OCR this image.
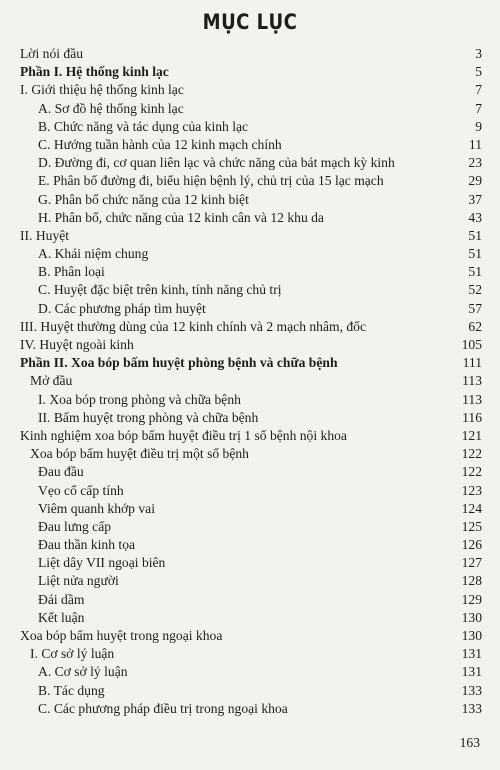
MỤC LỤC
Lời nói đầu	3
Phần I. Hệ thống kinh lạc	5
I. Giới thiệu hệ thống kinh lạc	7
A. Sơ đồ hệ thống kinh lạc	7
B. Chức năng và tác dụng của kinh lạc	9
C. Hướng tuần hành của 12 kinh mạch chính	11
D. Đường đi, cơ quan liên lạc và chức năng của bát mạch kỳ kinh	23
E. Phân bố đường đi, biểu hiện bệnh lý, chủ trị của 15 lạc mạch	29
G. Phân bố chức năng của 12 kinh biệt	37
H. Phân bố, chức năng của 12 kinh cân và 12 khu da	43
II. Huyệt	51
A. Khái niệm chung	51
B. Phân loại	51
C. Huyệt đặc biệt trên kinh, tính năng chủ trị	52
D. Các phương pháp tìm huyệt	57
III. Huyệt thường dùng của 12 kinh chính và 2 mạch nhâm, đốc	62
IV. Huyệt ngoài kinh	105
Phần II. Xoa bóp bấm huyệt phòng bệnh và chữa bệnh	111
Mở đầu	113
I. Xoa bóp trong phòng và chữa bệnh	113
II. Bấm huyệt trong phòng và chữa bệnh	116
Kinh nghiệm xoa bóp bấm huyệt điều trị 1 số bệnh nội khoa	121
Xoa bóp bấm huyệt điều trị một số bệnh	122
Đau đầu	122
Vẹo cổ cấp tính	123
Viêm quanh khớp vai	124
Đau lưng cấp	125
Đau thần kinh tọa	126
Liệt dây VII ngoại biên	127
Liệt nửa người	128
Đái dầm	129
Kết luận	130
Xoa bóp bấm huyệt trong ngoại khoa	130
I. Cơ sở lý luận	131
A. Cơ sở lý luận	131
B. Tác dụng	133
C. Các phương pháp điều trị trong ngoại khoa	133
163
